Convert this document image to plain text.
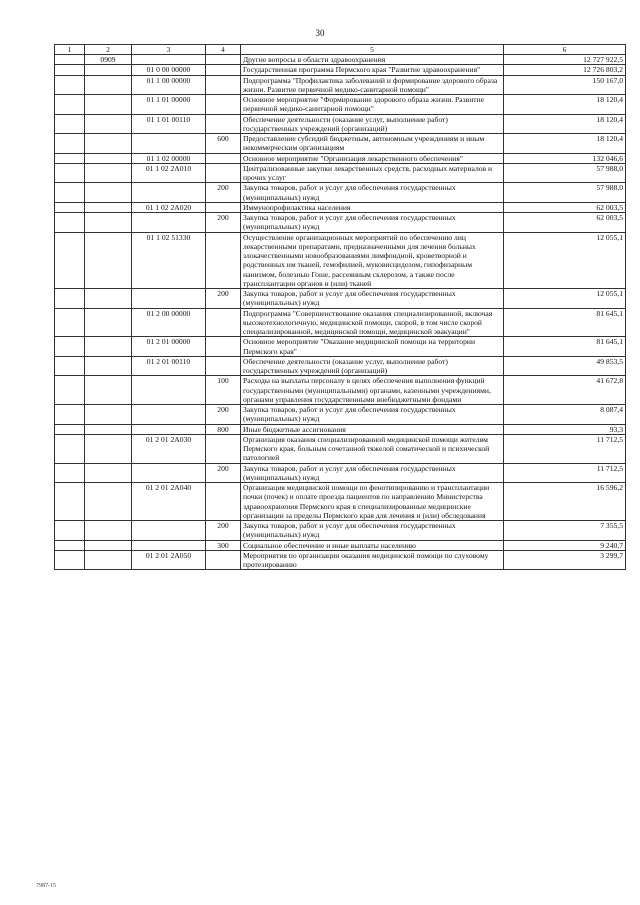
30
1	2	3	4	5	6
	0909			Другие вопросы в области здравоохранения	12 727 922,5
		01 0 00 00000		Государственная программа Пермского края "Развитие здравоохранения"	12 726 803,2
		01 1 00 00000		Подпрограмма "Профилактика заболеваний и формирование здорового образа жизни. Развитие первичной медико-санитарной помощи"	150 167,0
		01 1 01 00000		Основное мероприятие "Формирование здорового образа жизни. Развитие первичной медико-санитарной помощи"	18 120,4
		01 1 01 00110		Обеспечение деятельности (оказание услуг, выполнение работ) государственных учреждений (организаций)	18 120,4
			600	Предоставление субсидий бюджетным, автономным учреждениям и иным некоммерческим организациям	18 120,4
		01 1 02 00000		Основное мероприятие "Организация лекарственного обеспечения"	132 046,6
		01 1 02 2А010		Централизованные закупки лекарственных средств, расходных материалов и прочих услуг	57 988,0
			200	Закупка товаров, работ и услуг для обеспечения государственных (муниципальных) нужд	57 988,0
		01 1 02 2А020		Иммунопрофилактика населения	62 003,5
			200	Закупка товаров, работ и услуг для обеспечения государственных (муниципальных) нужд	62 003,5
		01 1 02 51330		Осуществление организационных мероприятий по обеспечению лиц лекарственными препаратами, предназначенными для лечения больных злокачественными новообразованиями лимфоидной, кроветворной и родственных им тканей, гемофилией, муковисцидозом, гипофизарным нанизмом, болезнью Гоше, рассеянным склерозом, а также после трансплантации органов и (или) тканей	12 055,1
			200	Закупка товаров, работ и услуг для обеспечения государственных (муниципальных) нужд	12 055,1
		01 2 00 00000		Подпрограмма "Совершенствование оказания специализированной, включая высокотехнологичную, медицинской помощи, скорой, в том числе скорой специализированной, медицинской помощи, медицинской эвакуации"	81 645,1
		01 2 01 00000		Основное мероприятие "Оказание медицинской помощи на территории Пермского края"	81 645,1
		01 2 01 00110		Обеспечение деятельности (оказание услуг, выполнение работ) государственных учреждений (организаций)	49 853,5
			100	Расходы на выплаты персоналу в целях обеспечения выполнения функций государственными (муниципальными) органами, казенными учреждениями, органами управления государственными внебюджетными фондами	41 672,8
			200	Закупка товаров, работ и услуг для обеспечения государственных (муниципальных) нужд	8 087,4
			800	Иные бюджетные ассигнования	93,3
		01 2 01 2А030		Организация оказания специализированной медицинской помощи жителям Пермского края, больным сочетанной тяжелой соматической и психической патологией	11 712,5
			200	Закупка товаров, работ и услуг для обеспечения государственных (муниципальных) нужд	11 712,5
		01 2 01 2А040		Организация медицинской помощи по фенотипированию и трансплантации почки (почек) и оплате проезда пациентов по направлению Министерства здравоохранения Пермского края в специализированные медицинские организации за пределы Пермского края для лечения и (или) обследования	16 596,2
			200	Закупка товаров, работ и услуг для обеспечения государственных (муниципальных) нужд	7 355,5
			300	Социальное обеспечение и иные выплаты населению	9 240,7
		01 2 01 2А050		Мероприятия по организации оказания медицинской помощи по слуховому протезированию	3 299,7
7987-15
